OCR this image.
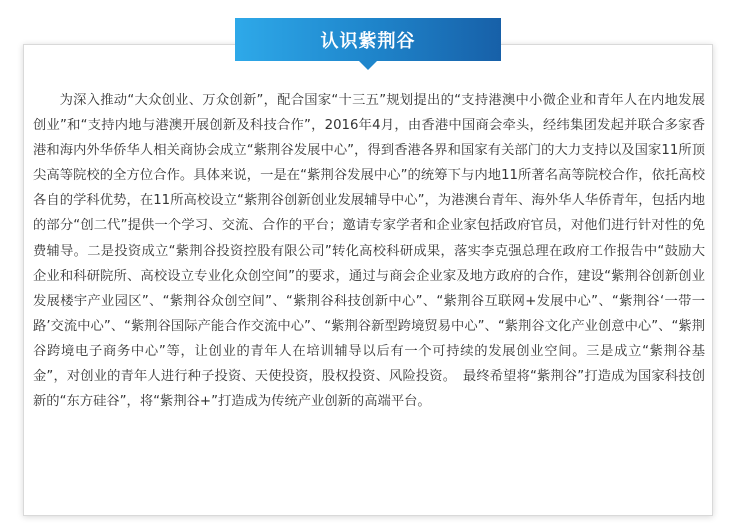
认识紫荆谷

为深入推动“大众创业、万众创新”，配合国家“十三五”规划提出的“支持港澳中小微企业和青年人在内地发展创业”和“支持内地与港澳开展创新及科技合作”，2016年4月，由香港中国商会牵头，经纬集团发起并联合多家香港和海内外华侨华人相关商协会成立“紫荆谷发展中心”，得到香港各界和国家有关部门的大力支持以及国家11所顶尖高等院校的全方位合作。具体来说，一是在“紫荆谷发展中心”的统筹下与内地11所著名高等院校合作，依托高校各自的学科优势，在11所高校设立“紫荆谷创新创业发展辅导中心”，为港澳台青年、海外华人华侨青年，包括内地的部分“创二代”提供一个学习、交流、合作的平台；邀请专家学者和企业家包括政府官员，对他们进行针对性的免费辅导。二是投资成立“紫荆谷投资控股有限公司”转化高校科研成果，落实李克强总理在政府工作报告中“鼓励大企业和科研院所、高校设立专业化众创空间”的要求，通过与商会企业家及地方政府的合作，建设“紫荆谷创新创业发展楼宇产业园区”、“紫荆谷众创空间”、“紫荆谷科技创新中心”、“紫荆谷互联网+发展中心”、“紫荆谷‘一带一路’交流中心”、“紫荆谷国际产能合作交流中心”、“紫荆谷新型跨境贸易中心”、“紫荆谷文化产业创意中心”、“紫荆谷跨境电子商务中心”等，让创业的青年人在培训辅导以后有一个可持续的发展创业空间。三是成立“紫荆谷基金”，对创业的青年人进行种子投资、天使投资，股权投资、风险投资。　最终希望将“紫荆谷”打造成为国家科技创新的“东方硅谷”，将“紫荆谷+”打造成为传统产业创新的高端平台。
